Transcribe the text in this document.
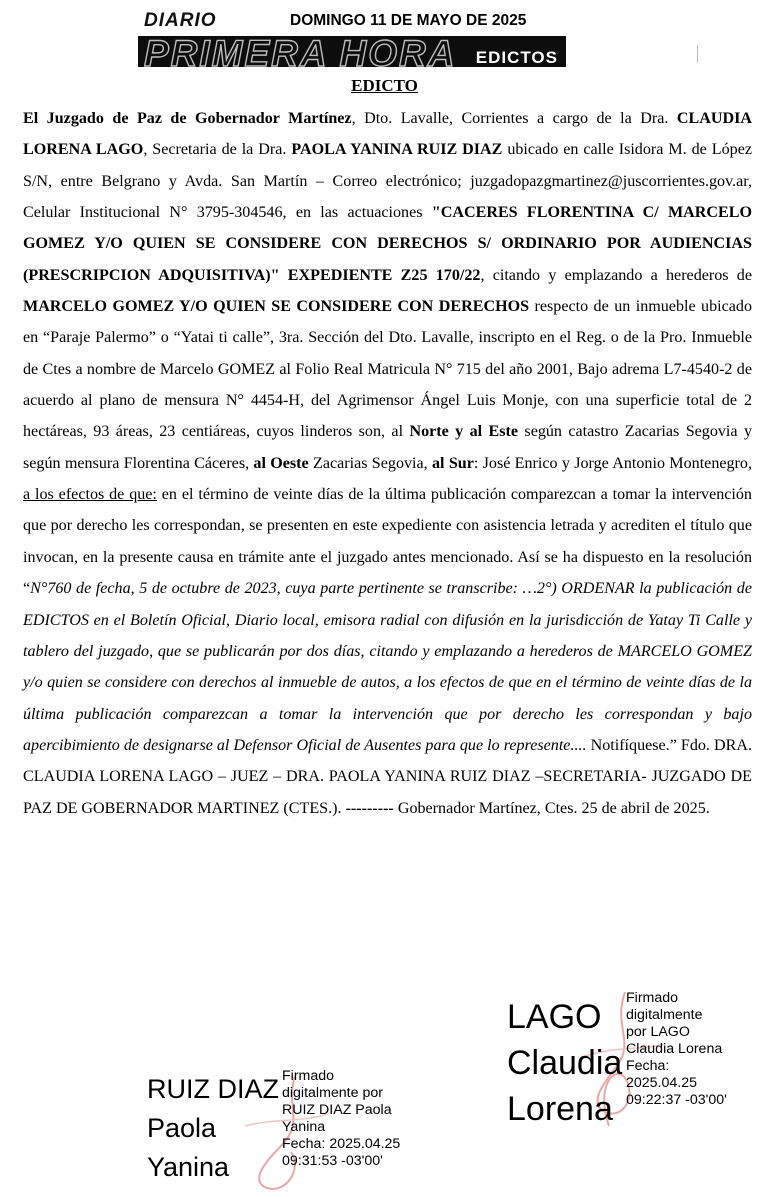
DIARIO	DOMINGO 11 DE MAYO DE 2025
PRIMERA HORA EDICTOS
EDICTO
El Juzgado de Paz de Gobernador Martínez, Dto. Lavalle, Corrientes a cargo de la Dra. CLAUDIA LORENA LAGO, Secretaria de la Dra. PAOLA YANINA RUIZ DIAZ ubicado en calle Isidora M. de López S/N, entre Belgrano y Avda. San Martín – Correo electrónico; juzgadopazgmartinez@juscorrientes.gov.ar, Celular Institucional N° 3795-304546, en las actuaciones "CACERES FLORENTINA C/ MARCELO GOMEZ Y/O QUIEN SE CONSIDERE CON DERECHOS S/ ORDINARIO POR AUDIENCIAS (PRESCRIPCION ADQUISITIVA)" EXPEDIENTE Z25 170/22, citando y emplazando a herederos de MARCELO GOMEZ Y/O QUIEN SE CONSIDERE CON DERECHOS respecto de un inmueble ubicado en “Paraje Palermo” o “Yatai ti calle”, 3ra. Sección del Dto. Lavalle, inscripto en el Reg. o de la Pro. Inmueble de Ctes a nombre de Marcelo GOMEZ al Folio Real Matricula N° 715 del año 2001, Bajo adrema L7-4540-2 de acuerdo al plano de mensura N° 4454-H, del Agrimensor Ángel Luis Monje, con una superficie total de 2 hectáreas, 93 áreas, 23 centiáreas, cuyos linderos son, al Norte y al Este según catastro Zacarias Segovia y según mensura Florentina Cáceres, al Oeste Zacarias Segovia, al Sur: José Enrico y Jorge Antonio Montenegro, a los efectos de que: en el término de veinte días de la última publicación comparezcan a tomar la intervención que por derecho les correspondan, se presenten en este expediente con asistencia letrada y acrediten el título que invocan, en la presente causa en trámite ante el juzgado antes mencionado. Así se ha dispuesto en la resolución “N°760 de fecha, 5 de octubre de 2023, cuya parte pertinente se transcribe: …2°) ORDENAR la publicación de EDICTOS en el Boletín Oficial, Diario local, emisora radial con difusión en la jurisdicción de Yatay Ti Calle y tablero del juzgado, que se publicarán por dos días, citando y emplazando a herederos de MARCELO GOMEZ y/o quien se considere con derechos al inmueble de autos, a los efectos de que en el término de veinte días de la última publicación comparezcan a tomar la intervención que por derecho les correspondan y bajo apercibimiento de designarse al Defensor Oficial de Ausentes para que lo represente.... Notifíquese.” Fdo. DRA. CLAUDIA LORENA LAGO – JUEZ – DRA. PAOLA YANINA RUIZ DIAZ –SECRETARIA- JUZGADO DE PAZ DE GOBERNADOR MARTINEZ (CTES.). --------- Gobernador Martínez, Ctes. 25 de abril de 2025.
LAGO
Claudia
Lorena
Firmado
digitalmente
por LAGO
Claudia Lorena
Fecha:
2025.04.25
09:22:37 -03'00'
RUIZ DIAZ
Paola
Yanina
Firmado
digitalmente por
RUIZ DIAZ Paola
Yanina
Fecha: 2025.04.25
09:31:53 -03'00'
